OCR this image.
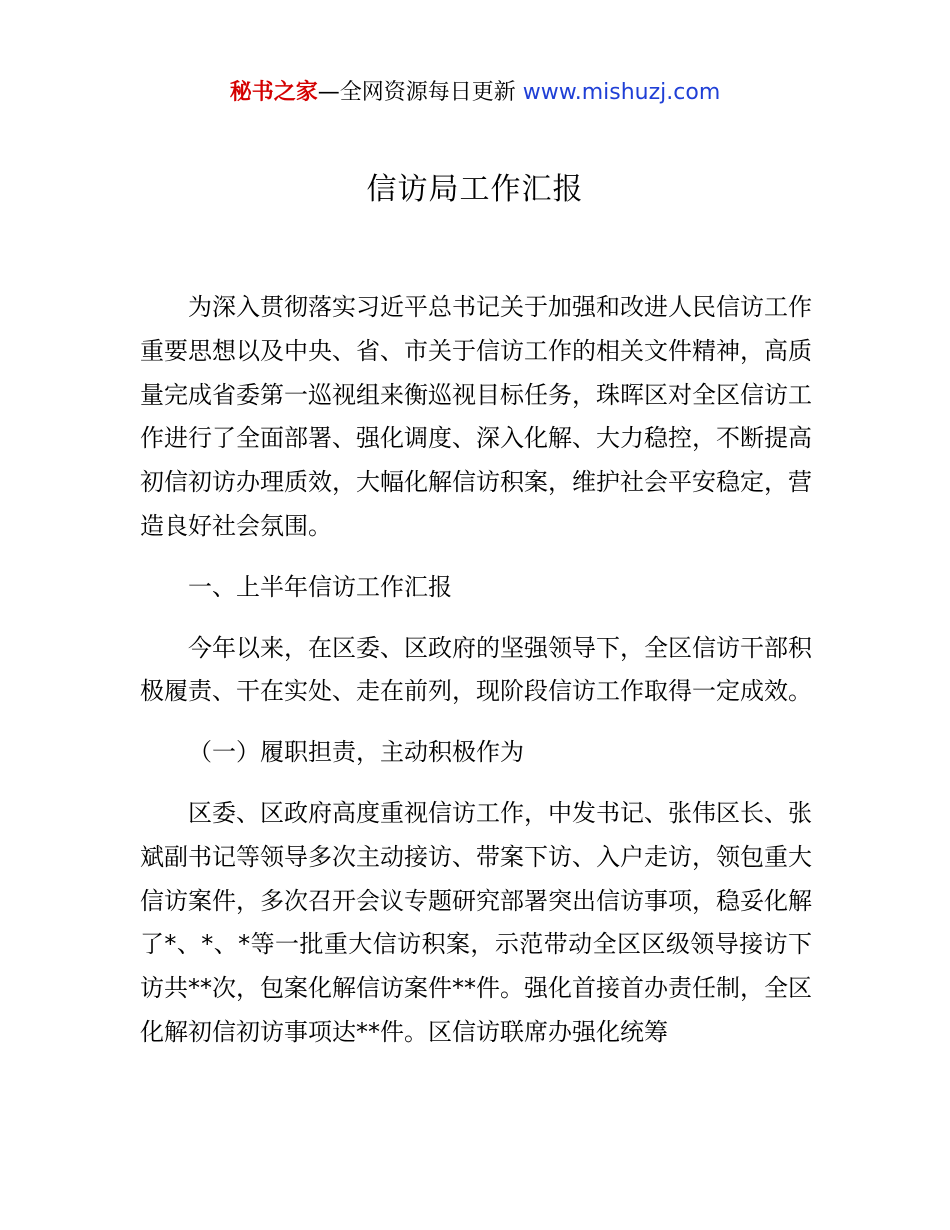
秘书之家—全网资源每日更新 www.mishuzj.com
信访局工作汇报

为深入贯彻落实习近平总书记关于加强和改进人民信访工作重要思想以及中央、省、市关于信访工作的相关文件精神，高质量完成省委第一巡视组来衡巡视目标任务，珠晖区对全区信访工作进行了全面部署、强化调度、深入化解、大力稳控，不断提高初信初访办理质效，大幅化解信访积案，维护社会平安稳定，营造良好社会氛围。

一、上半年信访工作汇报

今年以来，在区委、区政府的坚强领导下，全区信访干部积极履责、干在实处、走在前列，现阶段信访工作取得一定成效。

（一）履职担责，主动积极作为

区委、区政府高度重视信访工作，中发书记、张伟区长、张斌副书记等领导多次主动接访、带案下访、入户走访，领包重大信访案件，多次召开会议专题研究部署突出信访事项，稳妥化解了*、*、*等一批重大信访积案，示范带动全区区级领导接访下访共**次，包案化解信访案件**件。强化首接首办责任制，全区化解初信初访事项达**件。区信访联席办强化统筹
